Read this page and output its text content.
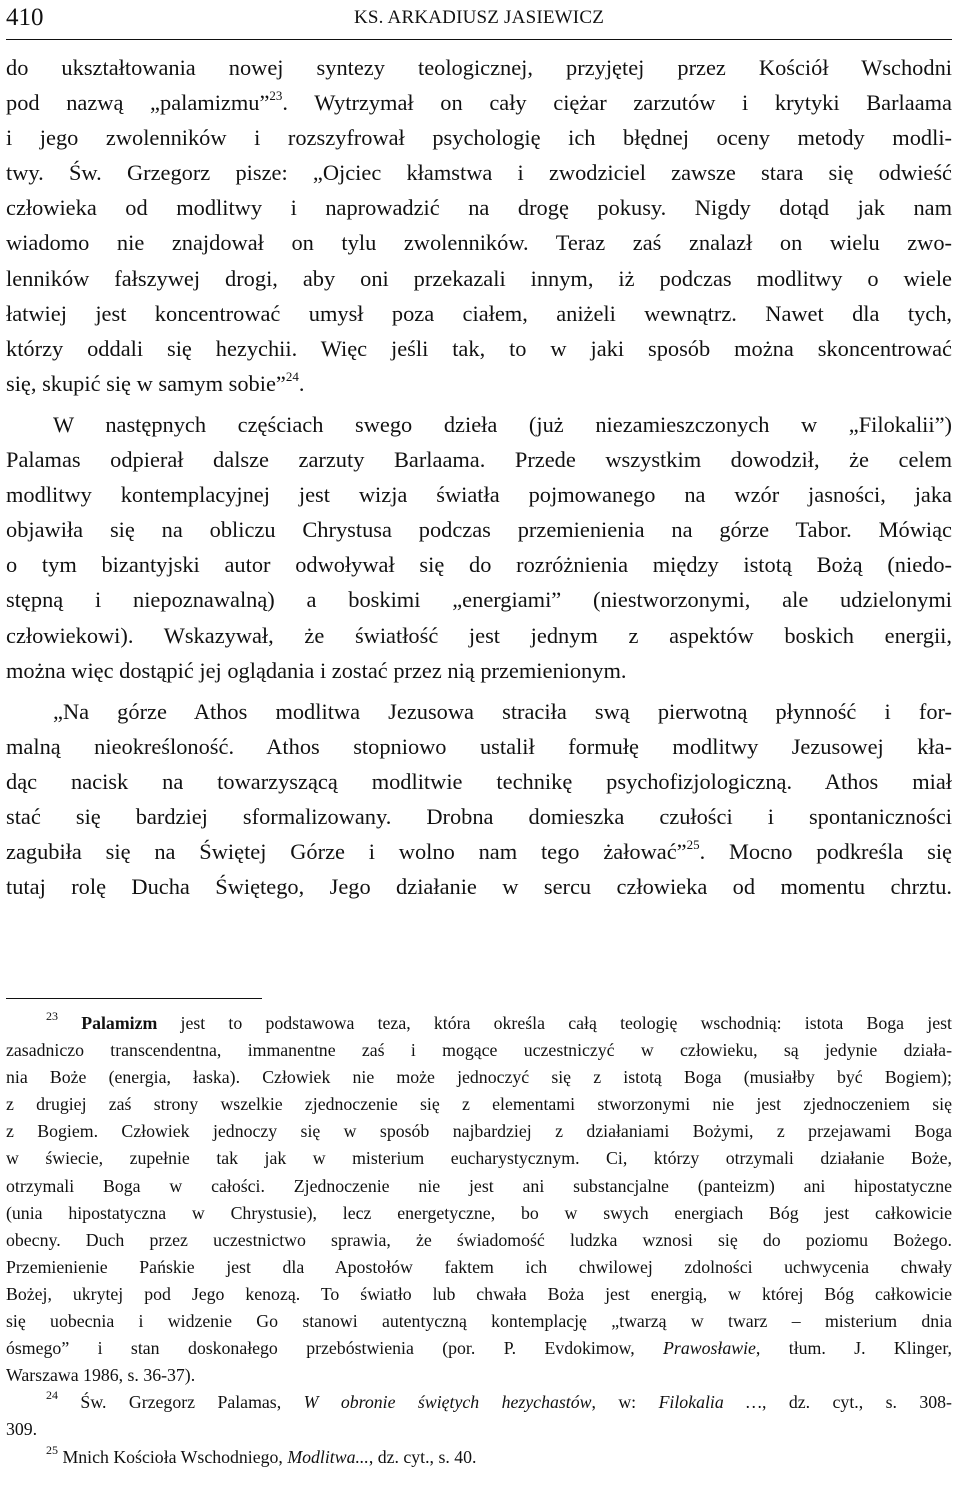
410	KS. ARKADIUSZ JASIEWICZ

do ukształtowania nowej syntezy teologicznej, przyjętej przez Kościół Wschodni

pod nazwą „palamizmu”$^{23}$. Wytrzymał on cały ciężar zarzutów i krytyki Barlaama

i jego zwolenników i rozszyfrował psychologię ich błędnej oceny metody modli-

twy. Św. Grzegorz pisze: „Ojciec kłamstwa i zwodziciel zawsze stara się odwieść

człowieka od modlitwy i naprowadzić na drogę pokusy. Nigdy dotąd jak nam

wiadomo nie znajdował on tylu zwolenników. Teraz zaś znalazł on wielu zwo-

lenników fałszywej drogi, aby oni przekazali innym, iż podczas modlitwy o wiele

łatwiej jest koncentrować umysł poza ciałem, aniżeli wewnątrz. Nawet dla tych,

którzy oddali się hezychii. Więc jeśli tak, to w jaki sposób można skoncentrować

się, skupić się w samym sobie”$^{24}$.

W następnych częściach swego dzieła (już niezamieszczonych w „Filokalii”)

Palamas odpierał dalsze zarzuty Barlaama. Przede wszystkim dowodził, że celem

modlitwy kontemplacyjnej jest wizja światła pojmowanego na wzór jasności, jaka

objawiła się na obliczu Chrystusa podczas przemienienia na górze Tabor. Mówiąc

o tym bizantyjski autor odwoływał się do rozróżnienia między istotą Bożą (niedo-

stępną i niepoznawalną) a boskimi „energiami” (niestworzonymi, ale udzielonymi

człowiekowi). Wskazywał, że światłość jest jednym z aspektów boskich energii,

można więc dostąpić jej oglądania i zostać przez nią przemienionym.

„Na górze Athos modlitwa Jezusowa straciła swą pierwotną płynność i for-

malną nieokreśloność. Athos stopniowo ustalił formułę modlitwy Jezusowej kła-

dąc nacisk na towarzyszącą modlitwie technikę psychofizjologiczną. Athos miał

stać się bardziej sformalizowany. Drobna domieszka czułości i spontaniczności

zagubiła się na Świętej Górze i wolno nam tego żałować”$^{25}$. Mocno podkreśla się

tutaj rolę Ducha Świętego, Jego działanie w sercu człowieka od momentu chrztu.

$^{23}$ Palamizm jest to podstawowa teza, która określa całą teologię wschodnią: istota Boga jest

zasadniczo transcendentna, immanentne zaś i mogące uczestniczyć w człowieku, są jedynie działa-

nia Boże (energia, łaska). Człowiek nie może jednoczyć się z istotą Boga (musiałby być Bogiem);

z drugiej zaś strony wszelkie zjednoczenie się z elementami stworzonymi nie jest zjednoczeniem się

z Bogiem. Człowiek jednoczy się w sposób najbardziej z działaniami Bożymi, z przejawami Boga

w świecie, zupełnie tak jak w misterium eucharystycznym. Ci, którzy otrzymali działanie Boże,

otrzymali Boga w całości. Zjednoczenie nie jest ani substancjalne (panteizm) ani hipostatyczne

(unia hipostatyczna w Chrystusie), lecz energetyczne, bo w swych energiach Bóg jest całkowicie

obecny. Duch przez uczestnictwo sprawia, że świadomość ludzka wznosi się do poziomu Bożego.

Przemienienie Pańskie jest dla Apostołów faktem ich chwilowej zdolności uchwycenia chwały

Bożej, ukrytej pod Jego kenozą. To światło lub chwała Boża jest energią, w której Bóg całkowicie

się uobecnia i widzenie Go stanowi autentyczną kontemplację „twarzą w twarz – misterium dnia

ósmego” i stan doskonałego przebóstwienia (por. P. Evdokimow, Prawosławie, tłum. J. Klinger,

Warszawa 1986, s. 36-37).

$^{24}$ Św. Grzegorz Palamas, W obronie świętych hezychastów, w: Filokalia …, dz. cyt., s. 308-

309.

$^{25}$ Mnich Kościoła Wschodniego, Modlitwa..., dz. cyt., s. 40.
